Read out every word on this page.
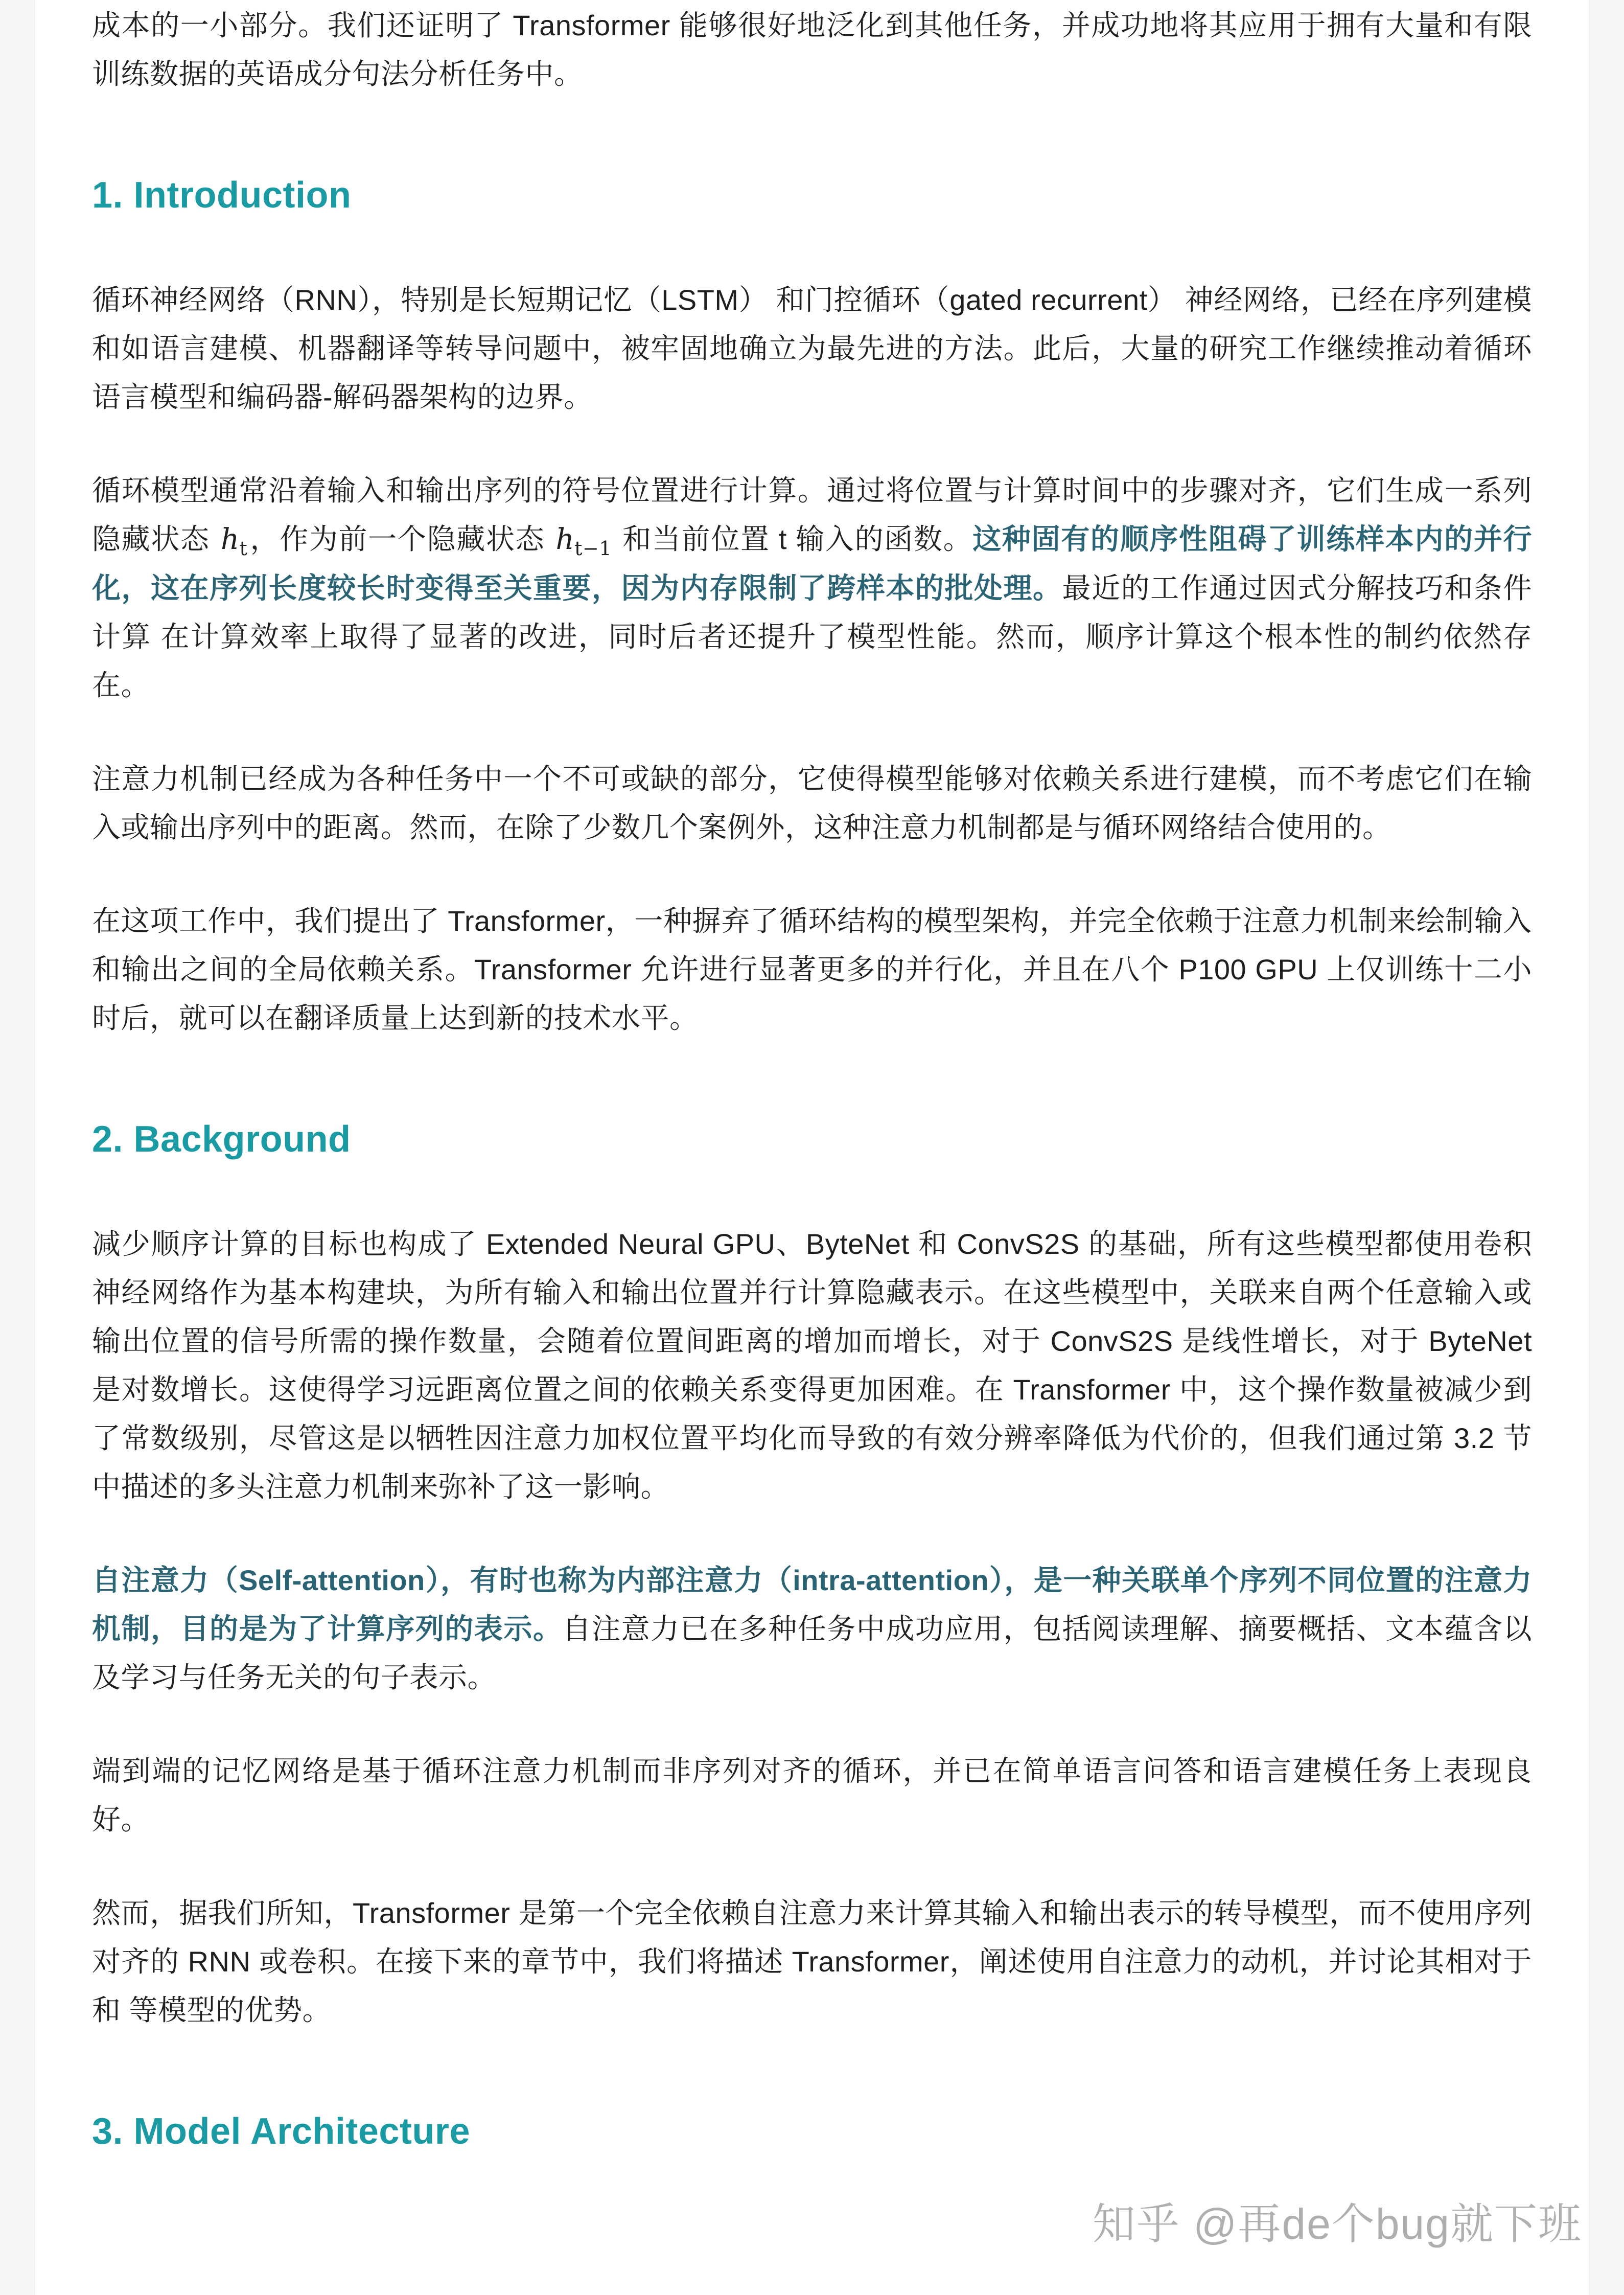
成本的一小部分。我们还证明了 Transformer 能够很好地泛化到其他任务，并成功地将其应用于拥有大量和有限训练数据的英语成分句法分析任务中。

1. Introduction

循环神经网络（RNN），特别是长短期记忆（LSTM） 和门控循环（gated recurrent） 神经网络，已经在序列建模和如语言建模、机器翻译等转导问题中，被牢固地确立为最先进的方法。此后，大量的研究工作继续推动着循环语言模型和编码器-解码器架构的边界。

循环模型通常沿着输入和输出序列的符号位置进行计算。通过将位置与计算时间中的步骤对齐，它们生成一系列隐藏状态 $h_t$，作为前一个隐藏状态 $h_{t-1}$ 和当前位置 t 输入的函数。这种固有的顺序性阻碍了训练样本内的并行化，这在序列长度较长时变得至关重要，因为内存限制了跨样本的批处理。最近的工作通过因式分解技巧和条件计算 在计算效率上取得了显著的改进，同时后者还提升了模型性能。然而，顺序计算这个根本性的制约依然存在。

注意力机制已经成为各种任务中一个不可或缺的部分，它使得模型能够对依赖关系进行建模，而不考虑它们在输入或输出序列中的距离。然而，在除了少数几个案例外，这种注意力机制都是与循环网络结合使用的。

在这项工作中，我们提出了 Transformer，一种摒弃了循环结构的模型架构，并完全依赖于注意力机制来绘制输入和输出之间的全局依赖关系。Transformer 允许进行显著更多的并行化，并且在八个 P100 GPU 上仅训练十二小时后，就可以在翻译质量上达到新的技术水平。

2. Background

减少顺序计算的目标也构成了 Extended Neural GPU、ByteNet 和 ConvS2S 的基础，所有这些模型都使用卷积神经网络作为基本构建块，为所有输入和输出位置并行计算隐藏表示。在这些模型中，关联来自两个任意输入或输出位置的信号所需的操作数量，会随着位置间距离的增加而增长，对于 ConvS2S 是线性增长，对于 ByteNet 是对数增长。这使得学习远距离位置之间的依赖关系变得更加困难。在 Transformer 中，这个操作数量被减少到了常数级别，尽管这是以牺牲因注意力加权位置平均化而导致的有效分辨率降低为代价的，但我们通过第 3.2 节中描述的多头注意力机制来弥补了这一影响。

自注意力（Self-attention），有时也称为内部注意力（intra-attention），是一种关联单个序列不同位置的注意力机制，目的是为了计算序列的表示。自注意力已在多种任务中成功应用，包括阅读理解、摘要概括、文本蕴含以及学习与任务无关的句子表示。

端到端的记忆网络是基于循环注意力机制而非序列对齐的循环，并已在简单语言问答和语言建模任务上表现良好。

然而，据我们所知，Transformer 是第一个完全依赖自注意力来计算其输入和输出表示的转导模型，而不使用序列对齐的 RNN 或卷积。在接下来的章节中，我们将描述 Transformer，阐述使用自注意力的动机，并讨论其相对于 和 等模型的优势。

3. Model Architecture
知乎 @再de个bug就下班
